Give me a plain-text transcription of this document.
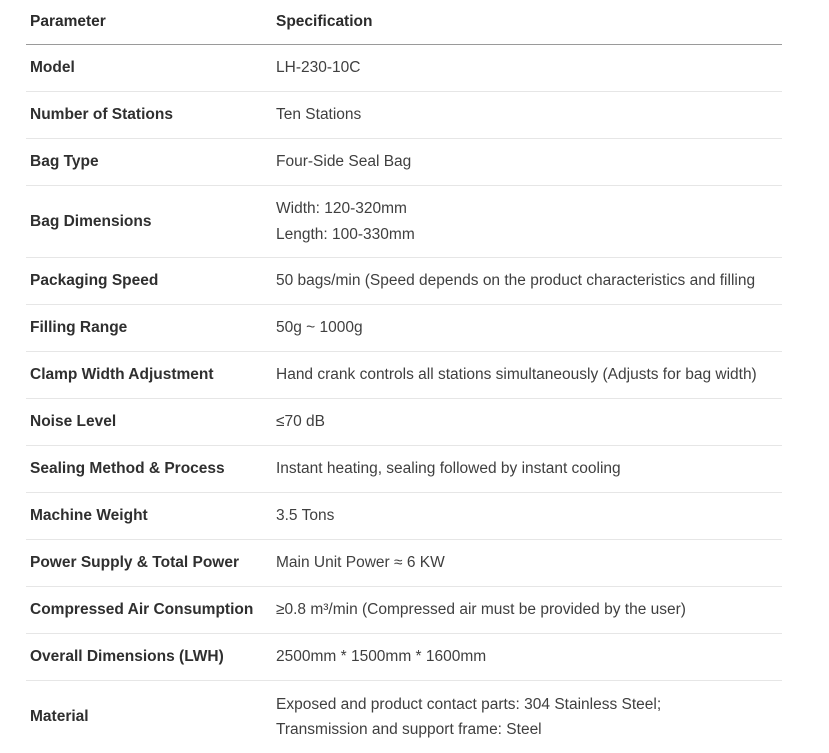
Parameter	Specification
Model	LH-230-10C

Number of Stations	Ten Stations

Bag Type	Four-Side Seal Bag

Bag Dimensions	Width: 120-320mm
Length: 100-330mm

Packaging Speed	50 bags/min (Speed depends on the product characteristics and filling

Filling Range	50g ~ 1000g

Clamp Width Adjustment	Hand crank controls all stations simultaneously (Adjusts for bag width)

Noise Level	≤70 dB

Sealing Method & Process	Instant heating, sealing followed by instant cooling

Machine Weight	3.5 Tons

Power Supply & Total Power	Main Unit Power ≈ 6 KW

Compressed Air Consumption	≥0.8 m³/min (Compressed air must be provided by the user)

Overall Dimensions (LWH)	2500mm * 1500mm * 1600mm

Material	Exposed and product contact parts: 304 Stainless Steel;
Transmission and support frame: Steel
